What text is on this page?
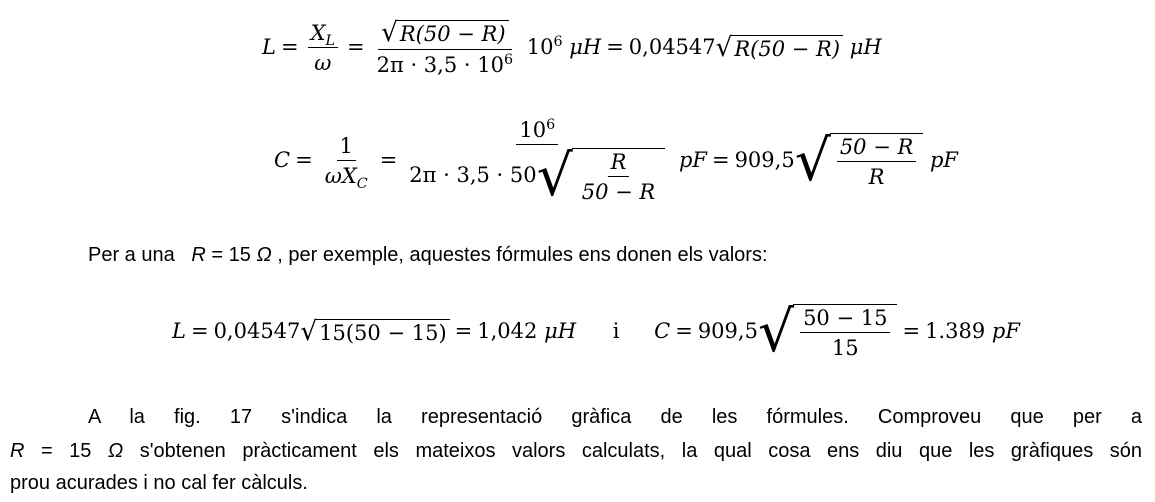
$L = \frac{X_L}{\omega} = \frac{√ R(50 - R)}{2\pi \cdot 3,5 \cdot 10^6} 10^6$ μH = 0,04547 √ R(50 − R) μH
$C = \frac{1}{\omega X_C} = \frac{10^6}{2\pi \cdot 3,5 \cdot 50 √ \frac{R}{50 - R}}$ pF = 909,5 √ $\frac{50 - R}{R}$ pF
Per a una R = 15 Ω , per exemple, aquestes fórmules ens donen els valors:
L = 0,04547 √ 15(50 − 15) = 1,042 μH i C = 909,5 √ $\frac{50 - 15}{15} = 1.389$ pF
A la fig. 17 s'indica la representació gràfica de les fórmules. Comproveu que per a
R = 15 Ω s'obtenen pràcticament els mateixos valors calculats, la qual cosa ens diu que les gràfiques són
prou acurades i no cal fer càlculs.
